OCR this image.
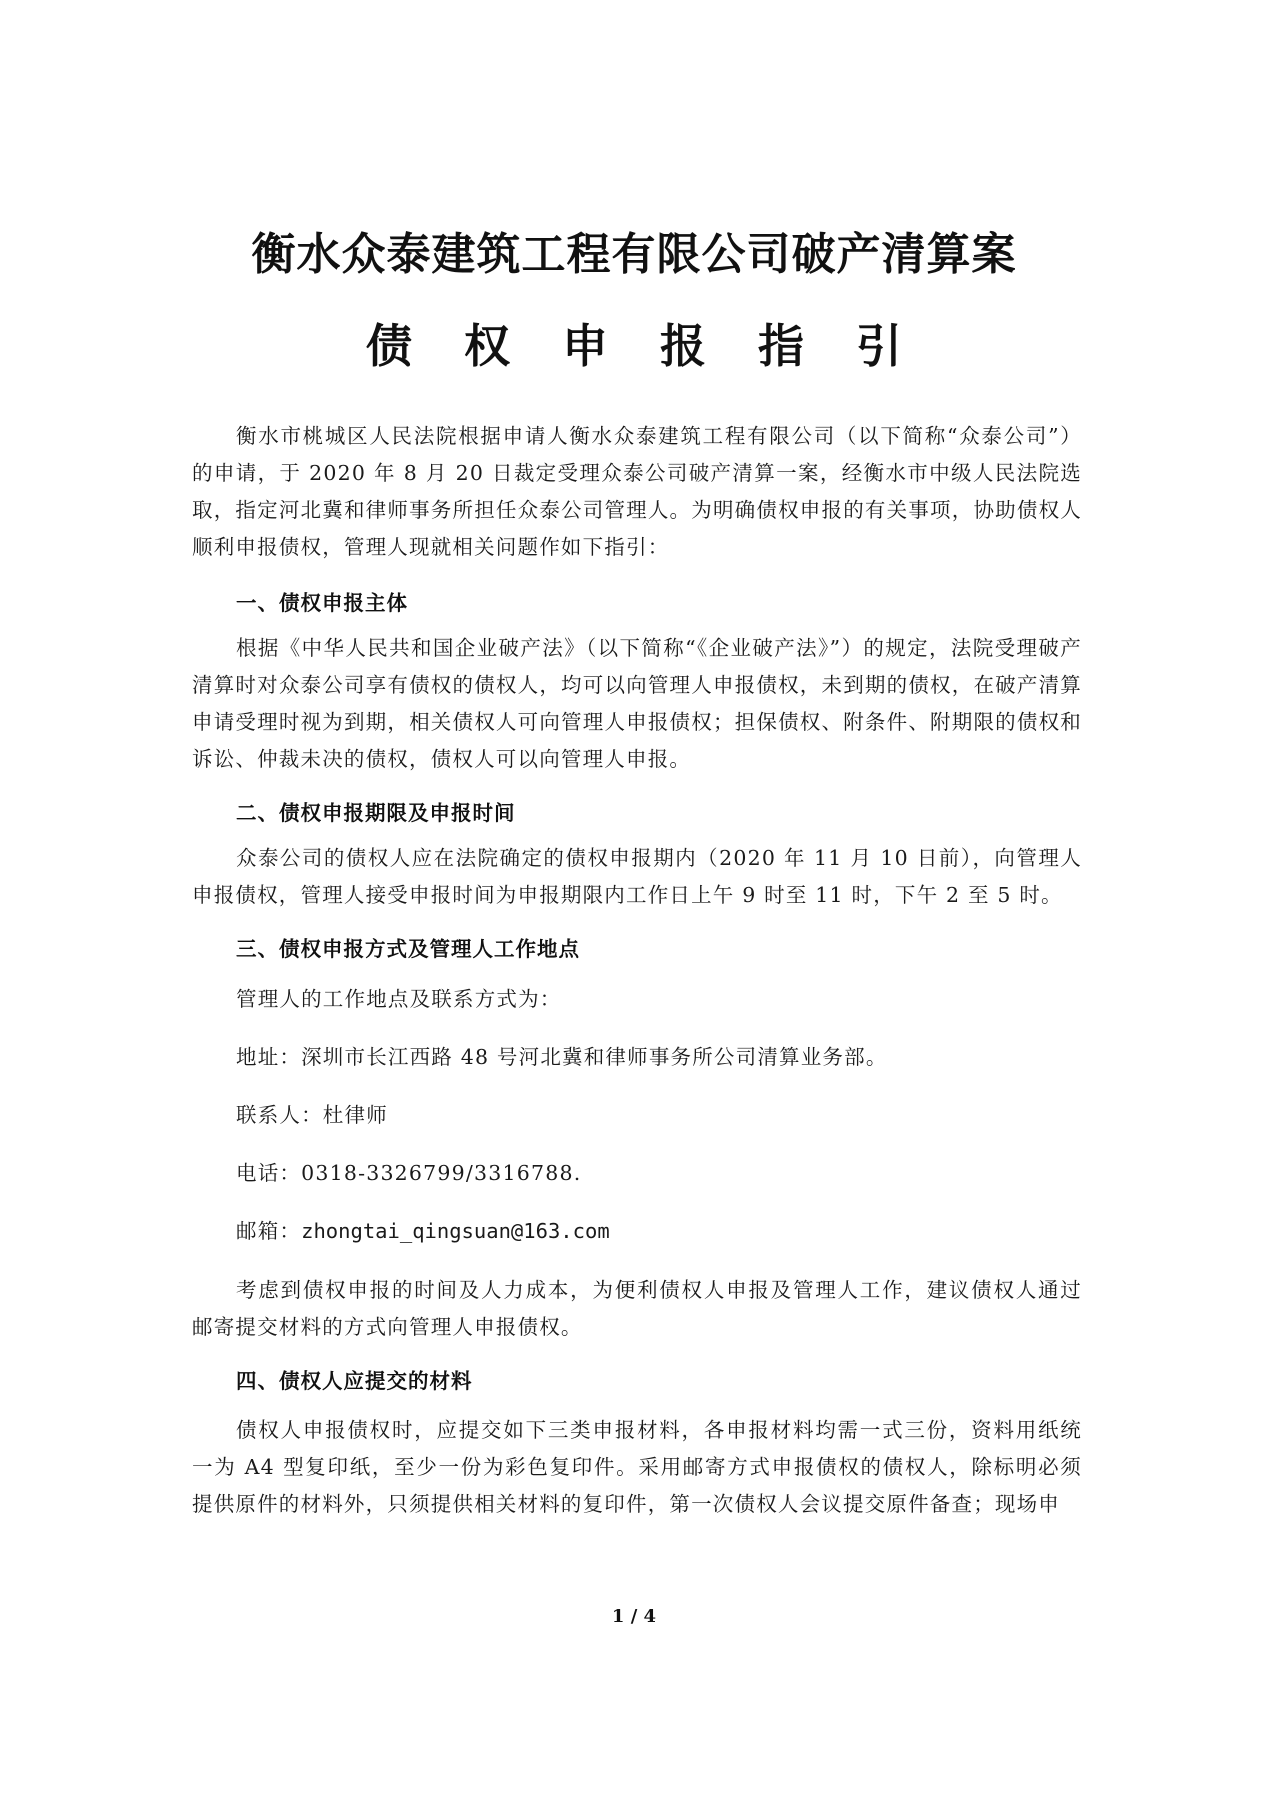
衡水众泰建筑工程有限公司破产清算案
债权申报指引
衡水市桃城区人民法院根据申请人衡水众泰建筑工程有限公司（以下简称“众泰公司”）的申请，于 2020 年 8 月 20 日裁定受理众泰公司破产清算一案，经衡水市中级人民法院选取，指定河北冀和律师事务所担任众泰公司管理人。为明确债权申报的有关事项，协助债权人顺利申报债权，管理人现就相关问题作如下指引：
一、债权申报主体
根据《中华人民共和国企业破产法》（以下简称“《企业破产法》”）的规定，法院受理破产清算时对众泰公司享有债权的债权人，均可以向管理人申报债权，未到期的债权，在破产清算申请受理时视为到期，相关债权人可向管理人申报债权；担保债权、附条件、附期限的债权和诉讼、仲裁未决的债权，债权人可以向管理人申报。
二、债权申报期限及申报时间
众泰公司的债权人应在法院确定的债权申报期内（2020 年 11 月 10 日前），向管理人申报债权，管理人接受申报时间为申报期限内工作日上午 9 时至 11 时，下午 2 至 5 时。
三、债权申报方式及管理人工作地点
管理人的工作地点及联系方式为：
地址：深圳市长江西路 48 号河北冀和律师事务所公司清算业务部。
联系人：杜律师
电话：0318-3326799/3316788.
邮箱：zhongtai_qingsuan@163.com
考虑到债权申报的时间及人力成本，为便利债权人申报及管理人工作，建议债权人通过邮寄提交材料的方式向管理人申报债权。
四、债权人应提交的材料
债权人申报债权时，应提交如下三类申报材料，各申报材料均需一式三份，资料用纸统一为 A4 型复印纸，至少一份为彩色复印件。采用邮寄方式申报债权的债权人，除标明必须提供原件的材料外，只须提供相关材料的复印件，第一次债权人会议提交原件备查；现场申
1 / 4
